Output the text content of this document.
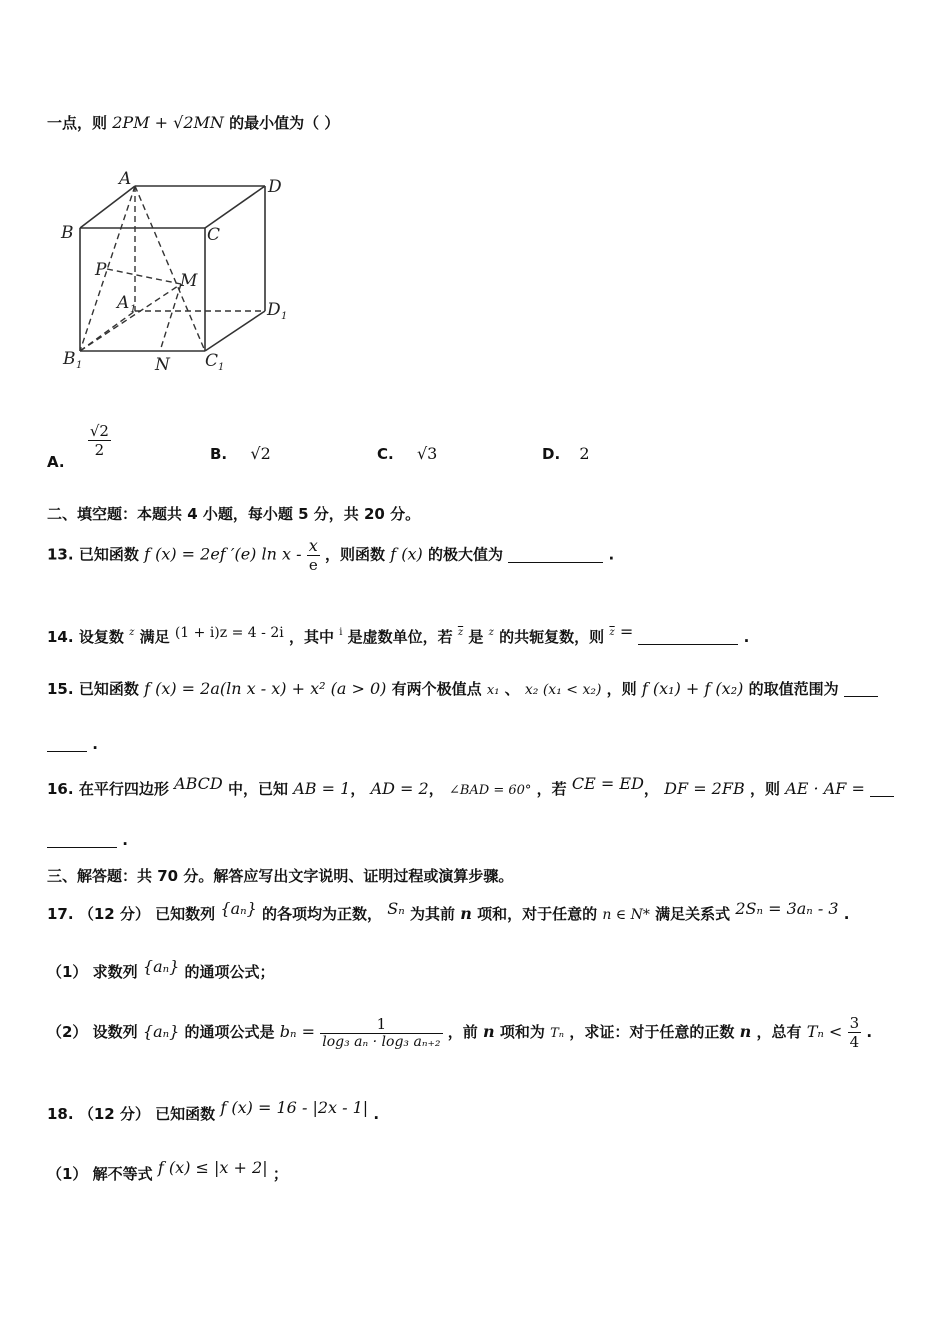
一点，则 2PM + √2MN 的最小值为（ ）
A	D
B	C
P
M
A	D
B	N C
1
1
1	1
A.
$\frac{√2}{2}$	B. √2	C. √3	D. 2
二、填空题：本题共 4 小题，每小题 5 分，共 20 分。
13. 已知函数 f (x) = 2ef ′(e) ln x - $\frac{x}{e}$ ，则函数 f (x) 的极大值为	.
14. 设复数 $^z$ 满足 (1 + i)z = 4 - 2i ，其中 $^i$ 是虚数单位，若 $^{\overline{z}}$ 是 $^z$ 的共轭复数，则 $^{\overline{z}}$ =	.
15. 已知函数 f (x) = 2a(ln x - x) + x² (a > 0) 有两个极值点 x₁ 、 x₂ (x₁ < x₂) ，则 f (x₁) + f (x₂) 的取值范围为
.
16. 在平行四边形 ABCD 中，已知 AB = 1， AD = 2， ∠BAD = 60° ，若 CE = ED， DF = 2FB ，则 AE · AF =
.
三、解答题：共 70 分。解答应写出文字说明、证明过程或演算步骤。
17. （12 分） 已知数列 {aₙ} 的各项均为正数， Sₙ 为其前 n 项和，对于任意的 n ∈ N* 满足关系式 2Sₙ = 3aₙ - 3 .
（1） 求数列 {aₙ} 的通项公式；
（2） 设数列 {aₙ} 的通项公式是 $b_n = \frac{1}{\text{log₃ aₙ · log₃ aₙ₊₂}}$ ，前 n 项和为 Tₙ ，求证：对于任意的正数 n ，总有 $T_n < \frac{3}{4}$ .
18. （12 分） 已知函数 f (x) = 16 - |2x - 1| .
（1） 解不等式 f (x) ≤ |x + 2| ；
